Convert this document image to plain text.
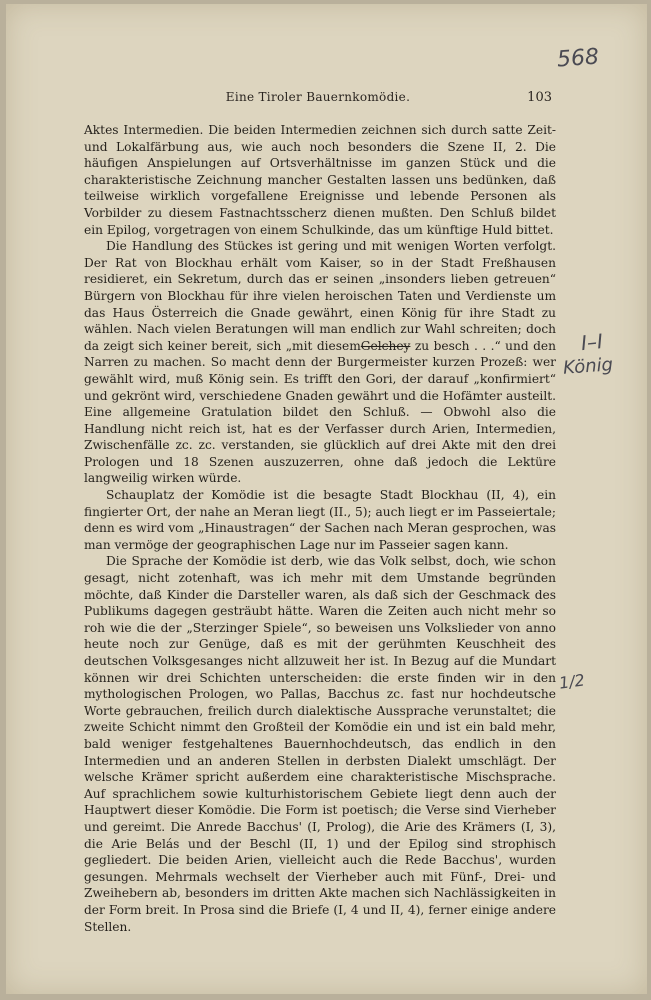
568
Eine Tiroler Bauernkomödie.	103

Aktes Intermedien. Die beiden Intermedien zeichnen sich durch satte Zeit- und Lokalfärbung aus, wie auch noch besonders die Szene II, 2. Die häufigen Anspielungen auf Ortsverhältnisse im ganzen Stück und die charakteristische Zeichnung mancher Gestalten lassen uns bedünken, daß teilweise wirklich vorgefallene Ereignisse und lebende Personen als Vorbilder zu diesem Fastnachtsscherz dienen mußten. Den Schluß bildet ein Epilog, vorgetragen von einem Schulkinde, das um künftige Huld bittet.

Die Handlung des Stückes ist gering und mit wenigen Worten verfolgt. Der Rat von Blockhau erhält vom Kaiser, so in der Stadt Freßhausen residieret, ein Sekretum, durch das er seinen „insonders lieben getreuen“ Bürgern von Blockhau für ihre vielen heroischen Taten und Verdienste um das Haus Österreich die Gnade gewährt, einen König für ihre Stadt zu wählen. Nach vielen Beratungen will man endlich zur Wahl schreiten; doch da zeigt sich keiner bereit, sich „mit diesemGelchey zu besch . . .“ und den Narren zu machen. So macht denn der Burgermeister kurzen Prozeß: wer gewählt wird, muß König sein. Es trifft den Gori, der darauf „konfirmiert“ und gekrönt wird, verschiedene Gnaden gewährt und die Hofämter austeilt. Eine allgemeine Gratulation bildet den Schluß. — Obwohl also die Handlung nicht reich ist, hat es der Verfasser durch Arien, Intermedien, Zwischenfälle zc. zc. verstanden, sie glücklich auf drei Akte mit den drei Prologen und 18 Szenen auszuzerren, ohne daß jedoch die Lektüre langweilig wirken würde.

Schauplatz der Komödie ist die besagte Stadt Blockhau (II, 4), ein fingierter Ort, der nahe an Meran liegt (II., 5); auch liegt er im Passeiertale; denn es wird vom „Hinaustragen“ der Sachen nach Meran gesprochen, was man vermöge der geographischen Lage nur im Passeier sagen kann.

Die Sprache der Komödie ist derb, wie das Volk selbst, doch, wie schon gesagt, nicht zotenhaft, was ich mehr mit dem Umstande begründen möchte, daß Kinder die Darsteller waren, als daß sich der Geschmack des Publikums dagegen gesträubt hätte. Waren die Zeiten auch nicht mehr so roh wie die der „Sterzinger Spiele“, so beweisen uns Volkslieder von anno heute noch zur Genüge, daß es mit der gerühmten Keuschheit des deutschen Volksgesanges nicht allzuweit her ist. In Bezug auf die Mundart können wir drei Schichten unterscheiden: die erste finden wir in den mythologischen Prologen, wo Pallas, Bacchus zc. fast nur hochdeutsche Worte gebrauchen, freilich durch dialektische Aussprache verunstaltet; die zweite Schicht nimmt den Großteil der Komödie ein und ist ein bald mehr, bald weniger festgehaltenes Bauernhochdeutsch, das endlich in den Intermedien und an anderen Stellen in derbsten Dialekt umschlägt. Der welsche Krämer spricht außerdem eine charakteristische Mischsprache. Auf sprachlichem sowie kulturhistorischem Gebiete liegt denn auch der Hauptwert dieser Komödie. Die Form ist poetisch; die Verse sind Vierheber und gereimt. Die Anrede Bacchus' (I, Prolog), die Arie des Krämers (I, 3), die Arie Belás und der Beschl (II, 1) und der Epilog sind strophisch gegliedert. Die beiden Arien, vielleicht auch die Rede Bacchus', wurden gesungen. Mehrmals wechselt der Vierheber auch mit Fünf-, Drei- und Zweihebern ab, besonders im dritten Akte machen sich Nachlässigkeiten in der Form breit. In Prosa sind die Briefe (I, 4 und II, 4), ferner einige andere Stellen.

I–I
König
1/2
